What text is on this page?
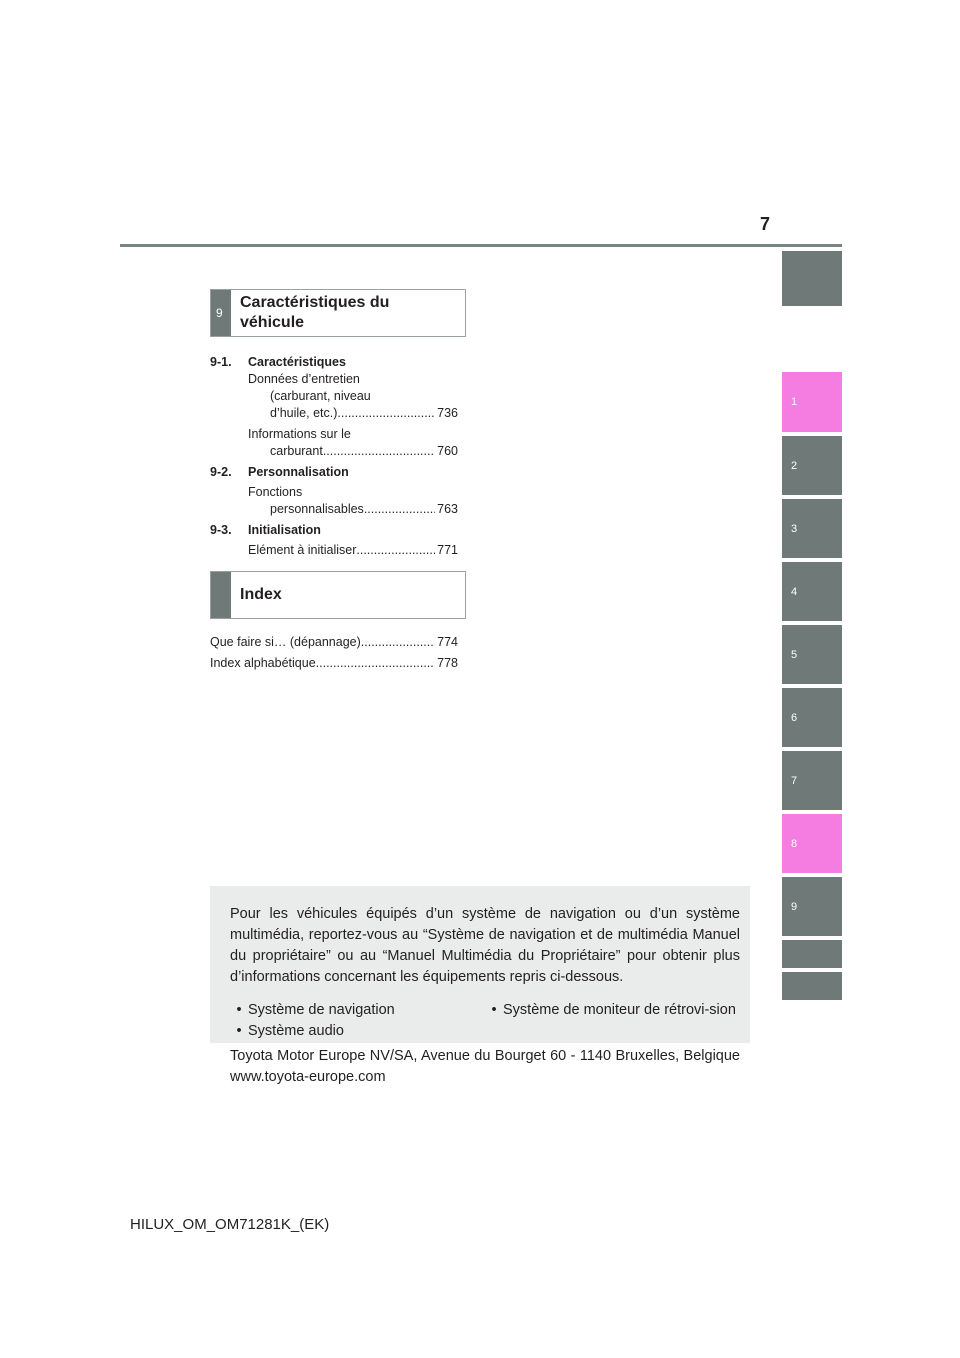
7
1
2
3
4
5
6
7
8
9
9
Caractéristiques du véhicule
9-1.	Caractéristiques
Données d’entretien
(carburant, niveau
d’huile, etc.) .....	736
Informations sur le
carburant .....	760
9-2.	Personnalisation
Fonctions
personnalisables .....	763
9-3.	Initialisation
Elément à initialiser .....	771
Index
Que faire si… (dépannage) .....	774
Index alphabétique .....	778
Pour les véhicules équipés d’un système de navigation ou d’un système multimédia, reportez-vous au “Système de navigation et de multimédia Manuel du propriétaire” ou au “Manuel Multimédia du Propriétaire” pour obtenir plus d’informations concernant les équipements repris ci-dessous.
• Système de navigation
• Système audio
• Système de moniteur de rétrovi-sion
Toyota Motor Europe NV/SA, Avenue du Bourget 60 - 1140 Bruxelles, Belgique www.toyota-europe.com
HILUX_OM_OM71281K_(EK)
